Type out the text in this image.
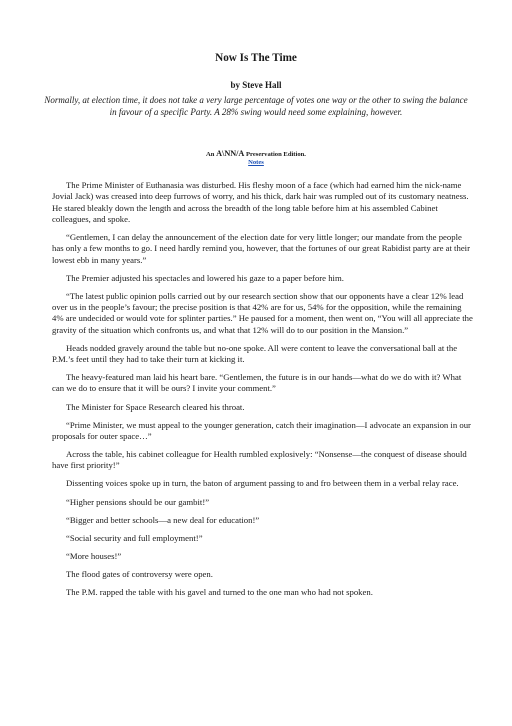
Now Is The Time
by Steve Hall
Normally, at election time, it does not take a very large percentage of votes one way or the other to swing the balance in favour of a specific Party. A 28% swing would need some explaining, however.
An A\NN/A Preservation Edition.
Notes

The Prime Minister of Euthanasia was disturbed. His fleshy moon of a face (which had earned him the nick-name Jovial Jack) was creased into deep furrows of worry, and his thick, dark hair was rumpled out of its customary neatness. He stared bleakly down the length and across the breadth of the long table before him at his assembled Cabinet colleagues, and spoke.

“Gentlemen, I can delay the announcement of the election date for very little longer; our mandate from the people has only a few months to go. I need hardly remind you, however, that the fortunes of our great Rabidist party are at their lowest ebb in many years.”

The Premier adjusted his spectacles and lowered his gaze to a paper before him.

“The latest public opinion polls carried out by our research section show that our opponents have a clear 12% lead over us in the people’s favour; the precise position is that 42% are for us, 54% for the opposition, while the remaining 4% are undecided or would vote for splinter parties.” He paused for a moment, then went on, “You will all appreciate the gravity of the situation which confronts us, and what that 12% will do to our position in the Mansion.”

Heads nodded gravely around the table but no-one spoke. All were content to leave the conversational ball at the P.M.’s feet until they had to take their turn at kicking it.

The heavy-featured man laid his heart bare. “Gentlemen, the future is in our hands—what do we do with it? What can we do to ensure that it will be ours? I invite your comment.”

The Minister for Space Research cleared his throat.

“Prime Minister, we must appeal to the younger generation, catch their imagination—I advocate an expansion in our proposals for outer space…”

Across the table, his cabinet colleague for Health rumbled explosively: “Nonsense—the conquest of disease should have first priority!”

Dissenting voices spoke up in turn, the baton of argument passing to and fro between them in a verbal relay race.

“Higher pensions should be our gambit!”

“Bigger and better schools—a new deal for education!”

“Social security and full employment!”

“More houses!”

The flood gates of controversy were open.

The P.M. rapped the table with his gavel and turned to the one man who had not spoken.
